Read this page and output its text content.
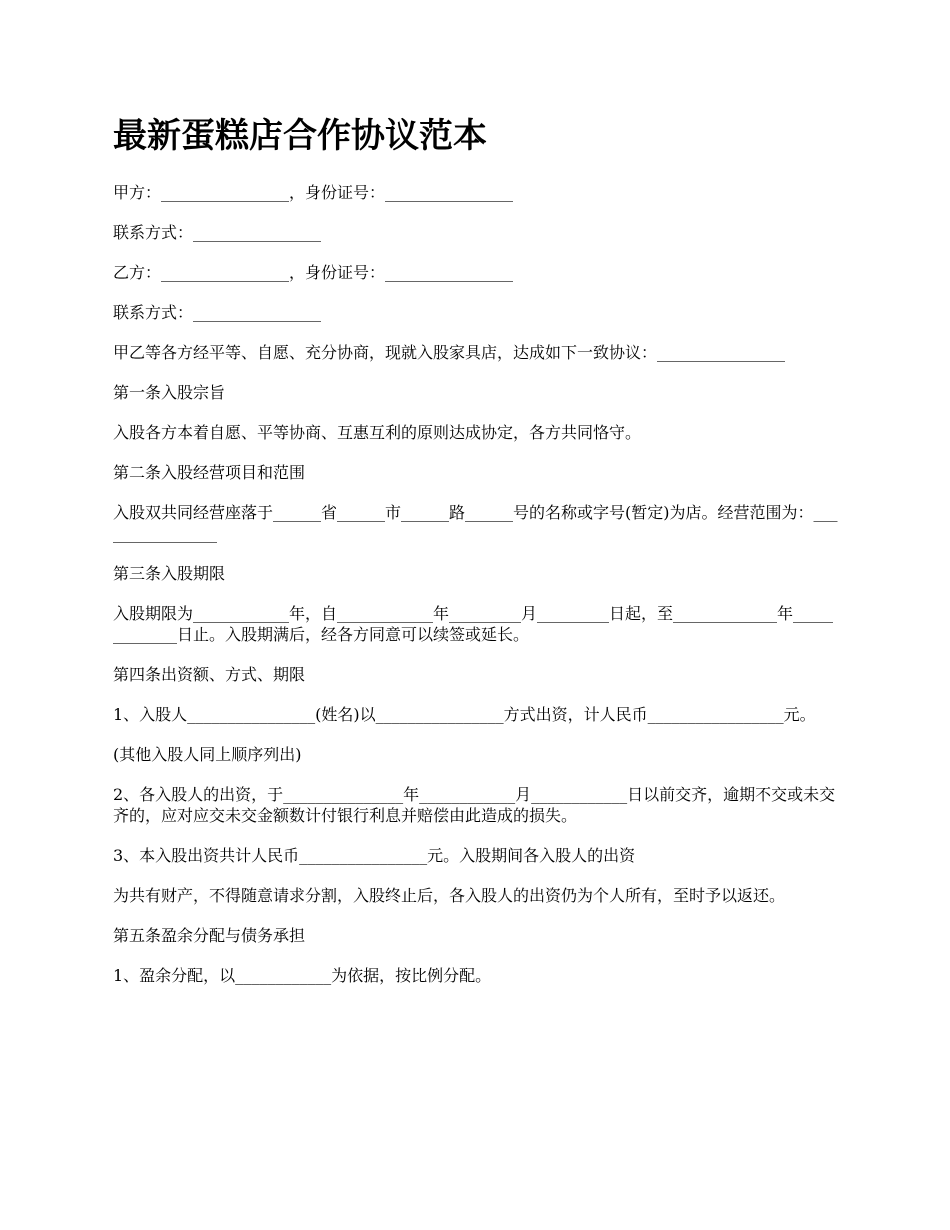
最新蛋糕店合作协议范本

甲方：________________，身份证号：________________

联系方式：________________

乙方：________________，身份证号：________________

联系方式：________________

甲乙等各方经平等、自愿、充分协商，现就入股家具店，达成如下一致协议：________________

第一条入股宗旨

入股各方本着自愿、平等协商、互惠互利的原则达成协定，各方共同恪守。

第二条入股经营项目和范围

入股双共同经营座落于______省______市______路______号的名称或字号(暂定)为店。经营范围为：________________

第三条入股期限

入股期限为____________年，自____________年_________月_________日起，至_____________年_____________日止。入股期满后，经各方同意可以续签或延长。

第四条出资额、方式、期限

1、入股人________________(姓名)以________________方式出资，计人民币_________________元。

(其他入股人同上顺序列出)

2、各入股人的出资，于_______________年____________月____________日以前交齐，逾期不交或未交齐的，应对应交未交金额数计付银行利息并赔偿由此造成的损失。

3、本入股出资共计人民币________________元。入股期间各入股人的出资

为共有财产，不得随意请求分割，入股终止后，各入股人的出资仍为个人所有，至时予以返还。

第五条盈余分配与债务承担

1、盈余分配，以____________为依据，按比例分配。
